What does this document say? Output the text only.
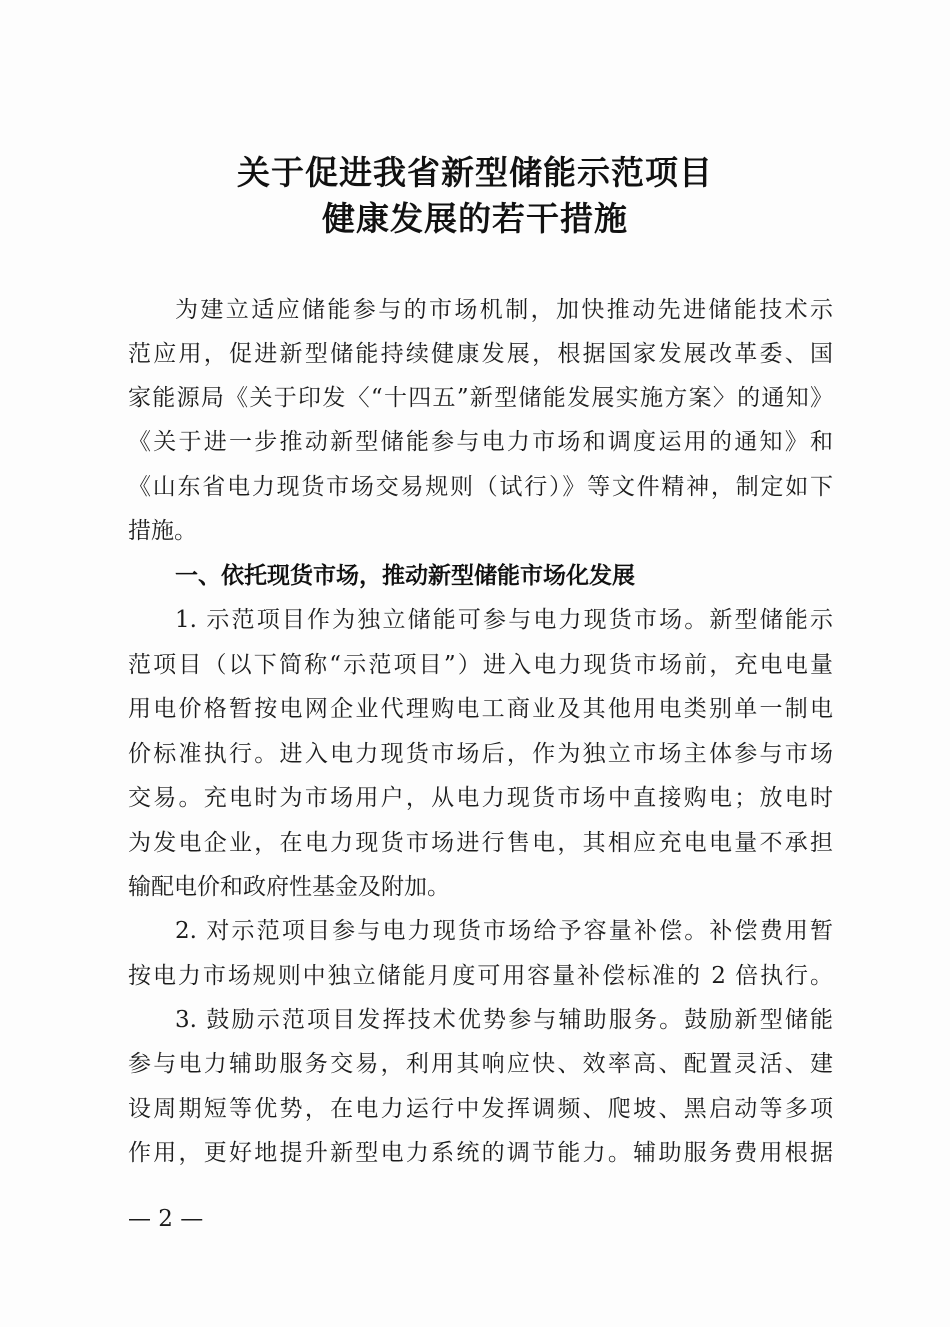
关于促进我省新型储能示范项目
健康发展的若干措施
为建立适应储能参与的市场机制，加快推动先进储能技术示
范应用，促进新型储能持续健康发展，根据国家发展改革委、国
家能源局《关于印发〈“十四五”新型储能发展实施方案〉的通知》
《关于进一步推动新型储能参与电力市场和调度运用的通知》和
《山东省电力现货市场交易规则（试行）》等文件精神，制定如下
措施。
一、依托现货市场，推动新型储能市场化发展
1. 示范项目作为独立储能可参与电力现货市场。新型储能示
范项目（以下简称“示范项目”）进入电力现货市场前，充电电量
用电价格暂按电网企业代理购电工商业及其他用电类别单一制电
价标准执行。进入电力现货市场后，作为独立市场主体参与市场
交易。充电时为市场用户，从电力现货市场中直接购电；放电时
为发电企业，在电力现货市场进行售电，其相应充电电量不承担
输配电价和政府性基金及附加。
2. 对示范项目参与电力现货市场给予容量补偿。补偿费用暂
按电力市场规则中独立储能月度可用容量补偿标准的 2 倍执行。
3. 鼓励示范项目发挥技术优势参与辅助服务。鼓励新型储能
参与电力辅助服务交易，利用其响应快、效率高、配置灵活、建
设周期短等优势，在电力运行中发挥调频、爬坡、黑启动等多项
作用，更好地提升新型电力系统的调节能力。辅助服务费用根据
— 2 —
